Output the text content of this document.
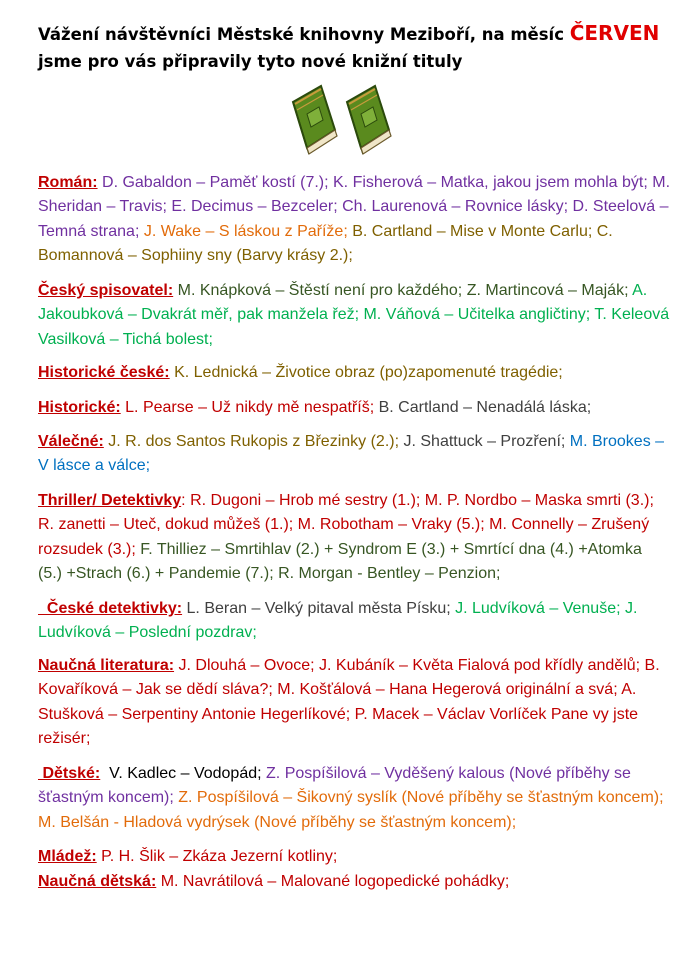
Vážení návštěvníci Městské knihovny Meziboří, na měsíc ČERVEN
jsme pro vás připravily tyto nové knižní tituly
Román: D. Gabaldon – Paměť kostí (7.); K. Fisherová – Matka, jakou jsem mohla být; M. Sheridan – Travis; E. Decimus – Bezceler; Ch. Laurenová – Rovnice lásky; D. Steelová – Temná strana; J. Wake – S láskou z Paříže; B. Cartland – Mise v Monte Carlu; C. Bomannová – Sophiiny sny (Barvy krásy 2.);
Český spisovatel: M. Knápková – Štěstí není pro každého; Z. Martincová – Maják; A. Jakoubková – Dvakrát měř, pak manžela řež; M. Váňová – Učitelka angličtiny; T. Keleová Vasilková – Tichá bolest;
Historické české: K. Lednická – Životice obraz (po)zapomenuté tragédie;
Historické: L. Pearse – Už nikdy mě nespatříš; B. Cartland – Nenadálá láska;
Válečné: J. R. dos Santos Rukopis z Březinky (2.); J. Shattuck – Prozření; M. Brookes – V lásce a válce;
Thriller/ Detektivky: R. Dugoni – Hrob mé sestry (1.); M. P. Nordbo – Maska smrti (3.); R. zanetti – Uteč, dokud můžeš (1.); M. Robotham – Vraky (5.); M. Connelly – Zrušený rozsudek (3.); F. Thilliez – Smrtihlav (2.) + Syndrom E (3.) + Smrtící dna (4.) +Atomka (5.) +Strach (6.) + Pandemie (7.); R. Morgan - Bentley – Penzion;
České detektivky: L. Beran – Velký pitaval města Písku; J. Ludvíková – Venuše; J. Ludvíková – Poslední pozdrav;
Naučná literatura: J. Dlouhá – Ovoce; J. Kubáník – Květa Fialová pod křídly andělů; B. Kovaříková – Jak se dědí sláva?; M. Košťálová – Hana Hegerová originální a svá; A. Stušková – Serpentiny Antonie Hegerlíkové; P. Macek – Václav Vorlíček Pane vy jste režisér;
Dětské:  V. Kadlec – Vodopád; Z. Pospíšilová – Vyděšený kalous (Nové příběhy se šťastným koncem); Z. Pospíšilová – Šikovný syslík (Nové příběhy se šťastným koncem); M. Belšán - Hladová vydrýsek (Nové příběhy se šťastným koncem);
Mládež: P. H. Šlik – Zkáza Jezerní kotliny;
Naučná dětská: M. Navrátilová – Malované logopedické pohádky;
